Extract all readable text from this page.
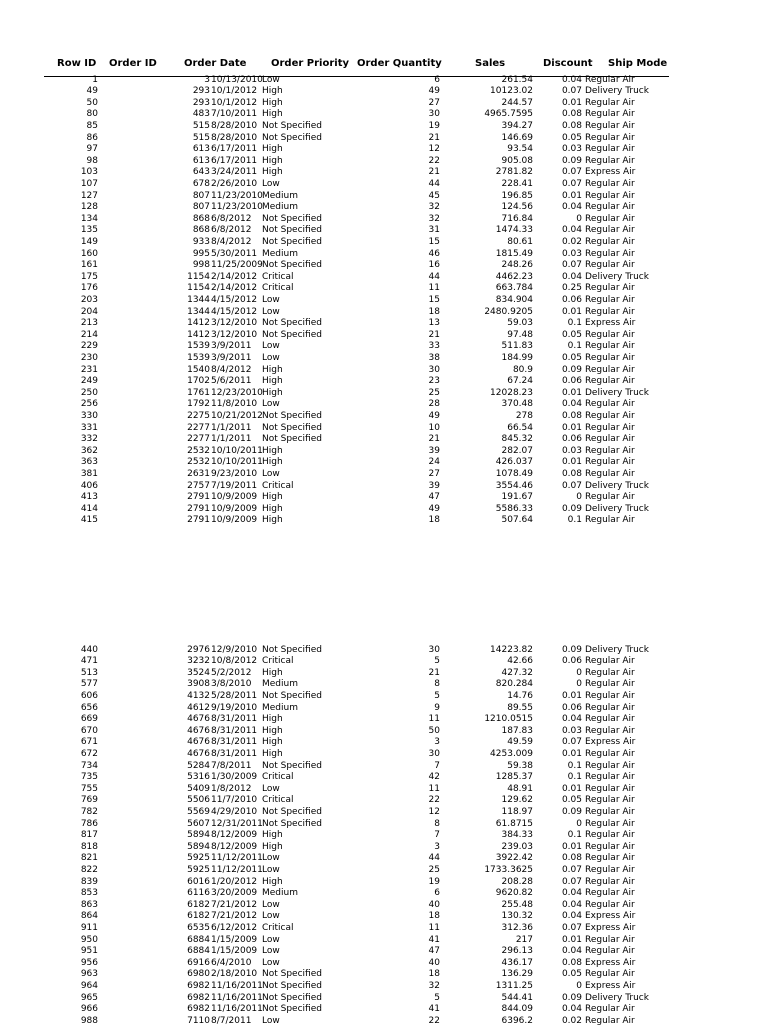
Row ID Order ID	Order Date Order Priority Order Quantity	Sales	Discount Ship Mode
1	3 10/13/2010 Low	6	261.54	0.04 Regular Air
49	293 10/1/2012 High	49	10123.02	0.07 Delivery Truck
50	293 10/1/2012 High	27	244.57	0.01 Regular Air
80	483 7/10/2011 High	30	4965.7595	0.08 Regular Air
85	515 8/28/2010 Not Specified	19	394.27	0.08 Regular Air
86	515 8/28/2010 Not Specified	21	146.69	0.05 Regular Air
97	613 6/17/2011 High	12	93.54	0.03 Regular Air
98	613 6/17/2011 High	22	905.08	0.09 Regular Air
103	643 3/24/2011 High	21	2781.82	0.07 Express Air
107	678 2/26/2010 Low	44	228.41	0.07 Regular Air
127	807 11/23/2010 Medium	45	196.85	0.01 Regular Air
128	807 11/23/2010 Medium	32	124.56	0.04 Regular Air
134	868 6/8/2012 Not Specified	32	716.84	0 Regular Air
135	868 6/8/2012 Not Specified	31	1474.33	0.04 Regular Air
149	933 8/4/2012 Not Specified	15	80.61	0.02 Regular Air
160	995 5/30/2011 Medium	46	1815.49	0.03 Regular Air
161	998 11/25/2009 Not Specified	16	248.26	0.07 Regular Air
175	1154 2/14/2012 Critical	44	4462.23	0.04 Delivery Truck
176	1154 2/14/2012 Critical	11	663.784	0.25 Regular Air
203	1344 4/15/2012 Low	15	834.904	0.06 Regular Air
204	1344 4/15/2012 Low	18	2480.9205	0.01 Regular Air
213	1412 3/12/2010 Not Specified	13	59.03	0.1 Express Air
214	1412 3/12/2010 Not Specified	21	97.48	0.05 Regular Air
229	1539 3/9/2011 Low	33	511.83	0.1 Regular Air
230	1539 3/9/2011 Low	38	184.99	0.05 Regular Air
231	1540 8/4/2012 High	30	80.9	0.09 Regular Air
249	1702 5/6/2011 High	23	67.24	0.06 Regular Air
250	1761 12/23/2010 High	25	12028.23	0.01 Delivery Truck
256	1792 11/8/2010 Low	28	370.48	0.04 Regular Air
330	2275 10/21/2012 Not Specified	49	278	0.08 Regular Air
331	2277 1/1/2011 Not Specified	10	66.54	0.01 Regular Air
332	2277 1/1/2011 Not Specified	21	845.32	0.06 Regular Air
362	2532 10/10/2011 High	39	282.07	0.03 Regular Air
363	2532 10/10/2011 High	24	426.037	0.01 Regular Air
381	2631 9/23/2010 Low	27	1078.49	0.08 Regular Air
406	2757 7/19/2011 Critical	39	3554.46	0.07 Delivery Truck
413	2791 10/9/2009 High	47	191.67	0 Regular Air
414	2791 10/9/2009 High	49	5586.33	0.09 Delivery Truck
415	2791 10/9/2009 High	18	507.64	0.1 Regular Air
440	2976 12/9/2010 Not Specified	30	14223.82	0.09 Delivery Truck
471	3232 10/8/2012 Critical	5	42.66	0.06 Regular Air
513	3524 5/2/2012 High	21	427.32	0 Regular Air
577	3908 3/8/2010 Medium	8	820.284	0 Regular Air
606	4132 5/28/2011 Not Specified	5	14.76	0.01 Regular Air
656	4612 9/19/2010 Medium	9	89.55	0.06 Regular Air
669	4676 8/31/2011 High	11	1210.0515	0.04 Regular Air
670	4676 8/31/2011 High	50	187.83	0.03 Regular Air
671	4676 8/31/2011 High	3	49.59	0.07 Express Air
672	4676 8/31/2011 High	30	4253.009	0.01 Regular Air
734	5284 7/8/2011 Not Specified	7	59.38	0.1 Regular Air
735	5316 1/30/2009 Critical	42	1285.37	0.1 Regular Air
755	5409 1/8/2012 Low	11	48.91	0.01 Regular Air
769	5506 11/7/2010 Critical	22	129.62	0.05 Regular Air
782	5569 4/29/2010 Not Specified	12	118.97	0.09 Regular Air
786	5607 12/31/2011 Not Specified	8	61.8715	0 Regular Air
817	5894 8/12/2009 High	7	384.33	0.1 Regular Air
818	5894 8/12/2009 High	3	239.03	0.01 Regular Air
821	5925 11/12/2011 Low	44	3922.42	0.08 Regular Air
822	5925 11/12/2011 Low	25	1733.3625	0.07 Regular Air
839	6016 1/20/2012 High	19	208.28	0.07 Regular Air
853	6116 3/20/2009 Medium	6	9620.82	0.04 Regular Air
863	6182 7/21/2012 Low	40	255.48	0.04 Regular Air
864	6182 7/21/2012 Low	18	130.32	0.04 Express Air
911	6535 6/12/2012 Critical	11	312.36	0.07 Express Air
950	6884 1/15/2009 Low	41	217	0.01 Regular Air
951	6884 1/15/2009 Low	47	296.13	0.04 Regular Air
956	6916 6/4/2010 Low	40	436.17	0.08 Express Air
963	6980 2/18/2010 Not Specified	18	136.29	0.05 Regular Air
964	6982 11/16/2011 Not Specified	32	1311.25	0 Express Air
965	6982 11/16/2011 Not Specified	5	544.41	0.09 Delivery Truck
966	6982 11/16/2011 Not Specified	41	844.09	0.04 Regular Air
988	7110 8/7/2011 Low	22	6396.2	0.02 Regular Air
